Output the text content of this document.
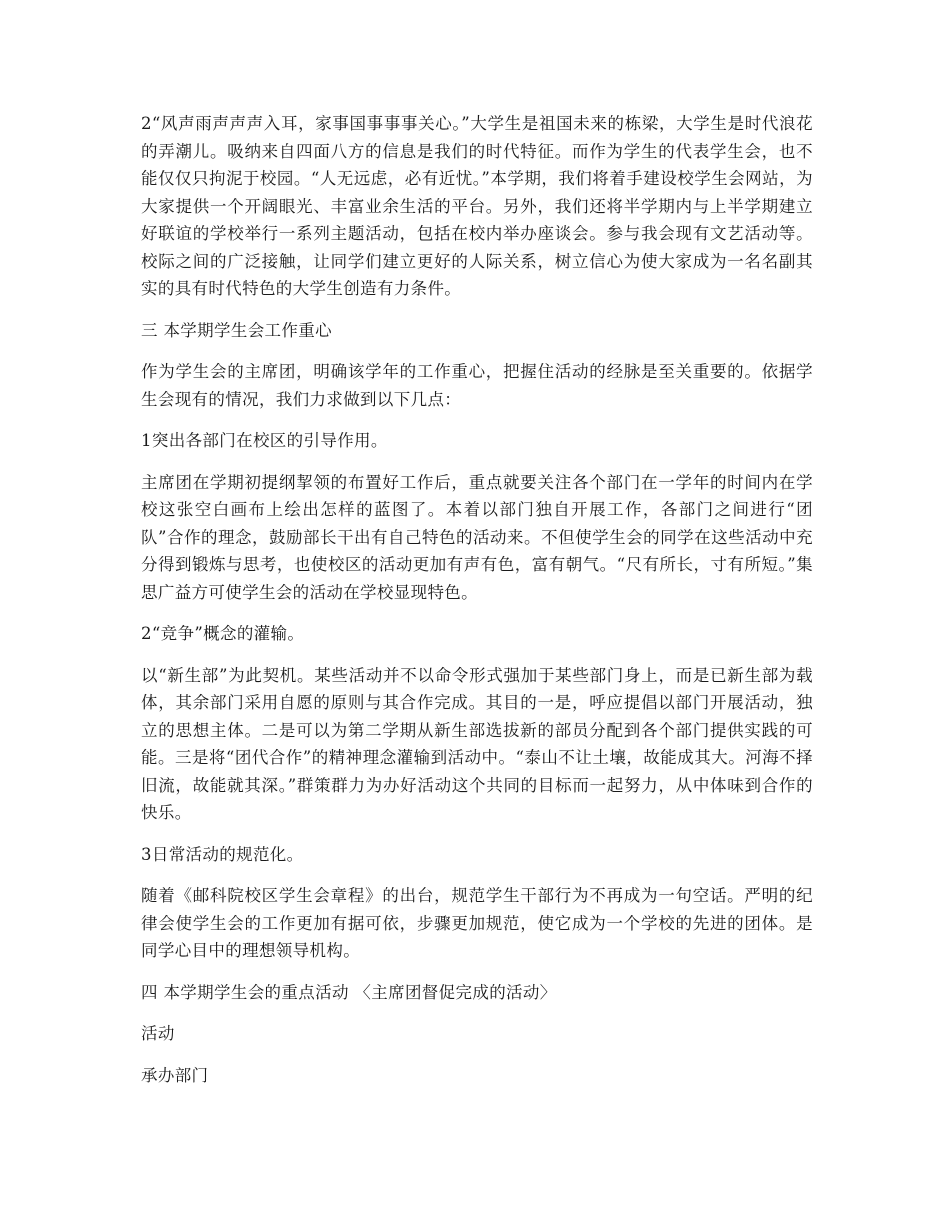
2“风声雨声声声入耳，家事国事事事关心。”大学生是祖国未来的栋梁，大学生是时代浪花的弄潮儿。吸纳来自四面八方的信息是我们的时代特征。而作为学生的代表学生会，也不能仅仅只拘泥于校园。“人无远虑，必有近忧。”本学期，我们将着手建设校学生会网站，为大家提供一个开阔眼光、丰富业余生活的平台。另外，我们还将半学期内与上半学期建立好联谊的学校举行一系列主题活动，包括在校内举办座谈会。参与我会现有文艺活动等。校际之间的广泛接触，让同学们建立更好的人际关系，树立信心为使大家成为一名名副其实的具有时代特色的大学生创造有力条件。

三 本学期学生会工作重心

作为学生会的主席团，明确该学年的工作重心，把握住活动的经脉是至关重要的。依据学生会现有的情况，我们力求做到以下几点：

1突出各部门在校区的引导作用。

主席团在学期初提纲挈领的布置好工作后，重点就要关注各个部门在一学年的时间内在学校这张空白画布上绘出怎样的蓝图了。本着以部门独自开展工作，各部门之间进行“团队”合作的理念，鼓励部长干出有自己特色的活动来。不但使学生会的同学在这些活动中充分得到锻炼与思考，也使校区的活动更加有声有色，富有朝气。“尺有所长，寸有所短。”集思广益方可使学生会的活动在学校显现特色。

2“竞争”概念的灌输。

以“新生部”为此契机。某些活动并不以命令形式强加于某些部门身上，而是已新生部为载体，其余部门采用自愿的原则与其合作完成。其目的一是，呼应提倡以部门开展活动，独立的思想主体。二是可以为第二学期从新生部选拔新的部员分配到各个部门提供实践的可能。三是将“团代合作”的精神理念灌输到活动中。“泰山不让土壤，故能成其大。河海不择旧流，故能就其深。”群策群力为办好活动这个共同的目标而一起努力，从中体味到合作的快乐。

3日常活动的规范化。

随着《邮科院校区学生会章程》的出台，规范学生干部行为不再成为一句空话。严明的纪律会使学生会的工作更加有据可依，步骤更加规范，使它成为一个学校的先进的团体。是同学心目中的理想领导机构。

四 本学期学生会的重点活动 〈主席团督促完成的活动〉

活动

承办部门
